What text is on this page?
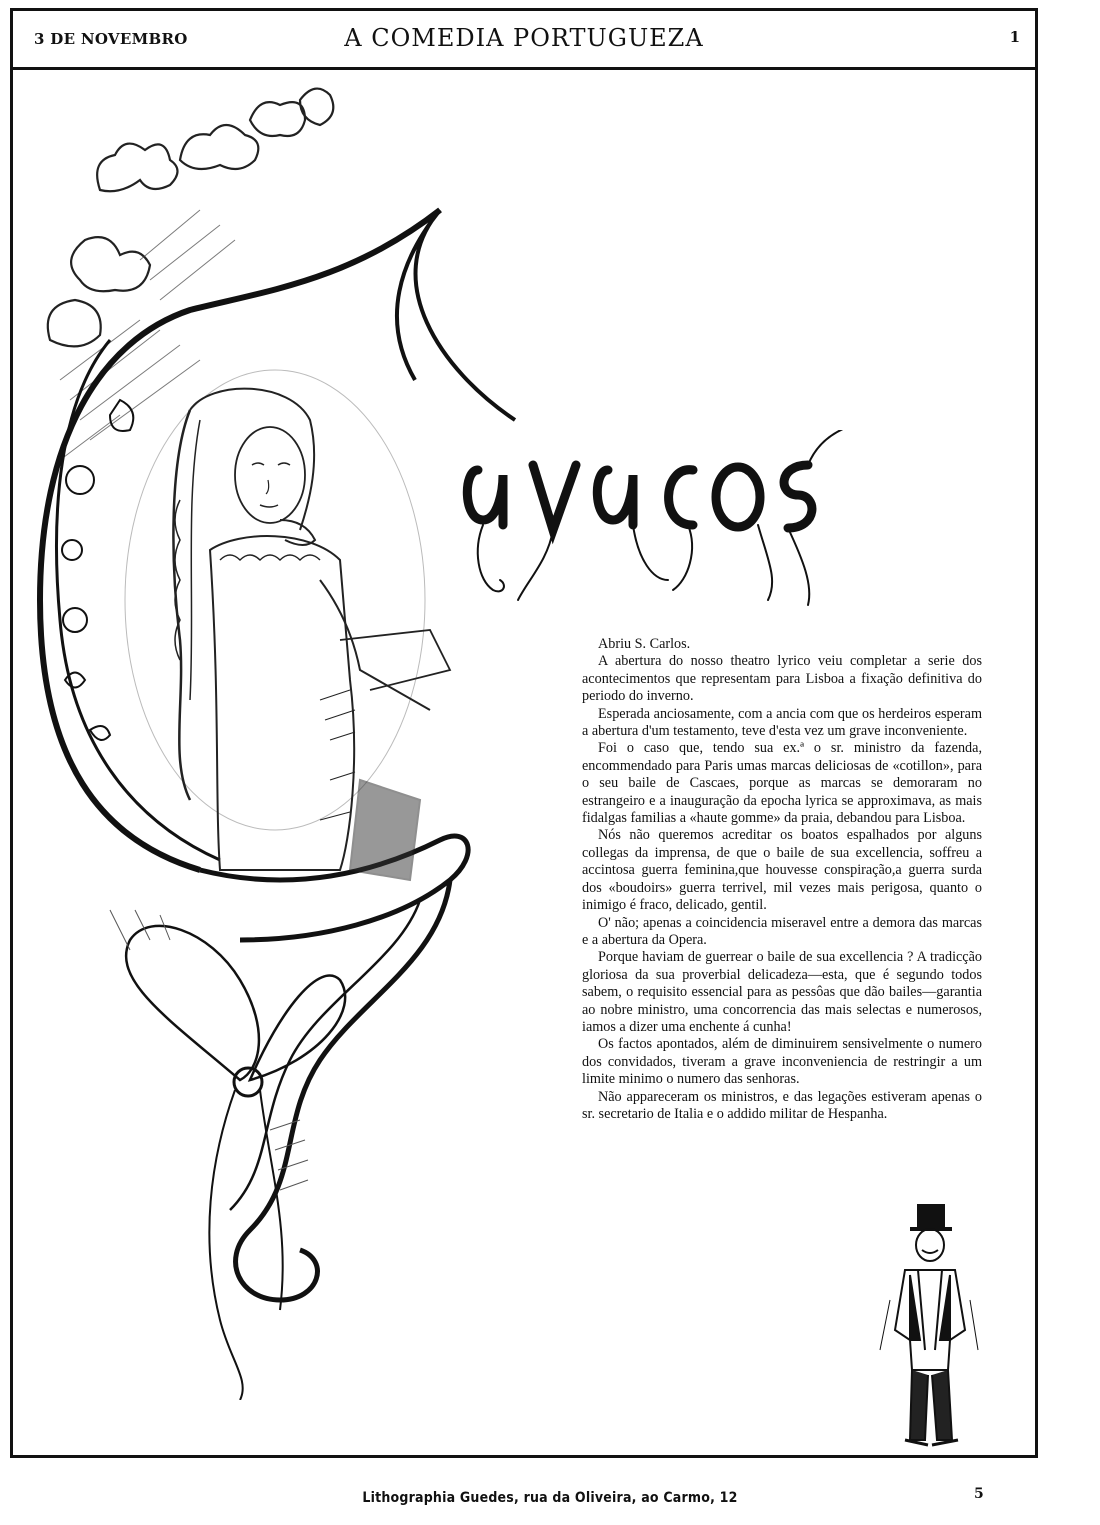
3 DE NOVEMBRO	A COMEDIA PORTUGUEZA	1

Abriu S. Carlos.

A abertura do nosso theatro lyrico veiu completar a serie dos acontecimentos que representam para Lisboa a fixação definitiva do periodo do inverno.

Esperada anciosamente, com a ancia com que os herdeiros esperam a abertura d'um testamento, teve d'esta vez um grave inconveniente.

Foi o caso que, tendo sua ex.ª o sr. ministro da fazenda, encommendado para Paris umas marcas deliciosas de «cotillon», para o seu baile de Cascaes, porque as marcas se demoraram no estrangeiro e a inauguração da epocha lyrica se approximava, as mais fidalgas familias a «haute gomme» da praia, debandou para Lisboa.

Nós não queremos acreditar os boatos espalhados por alguns collegas da imprensa, de que o baile de sua excellencia, soffreu a accintosa guerra feminina,que houvesse conspiração,a guerra surda dos «boudoirs» guerra terrivel, mil vezes mais perigosa, quanto o inimigo é fraco, delicado, gentil.

O' não; apenas a coincidencia miseravel entre a demora das marcas e a abertura da Opera.

Porque haviam de guerrear o baile de sua excellencia ? A tradicção gloriosa da sua proverbial delicadeza—esta, que é segundo todos sabem, o requisito essencial para as pessôas que dão bailes—garantia ao nobre ministro, uma concorrencia das mais selectas e numerosos, iamos a dizer uma enchente á cunha!

Os factos apontados, além de diminuirem sensivelmente o numero dos convidados, tiveram a grave inconveniencia de restringir a um limite minimo o numero das senhoras.

Não appareceram os ministros, e das legações estiveram apenas o sr. secretario de Italia e o addido militar de Hespanha.

Lithographia Guedes, rua da Oliveira, ao Carmo, 12	5
